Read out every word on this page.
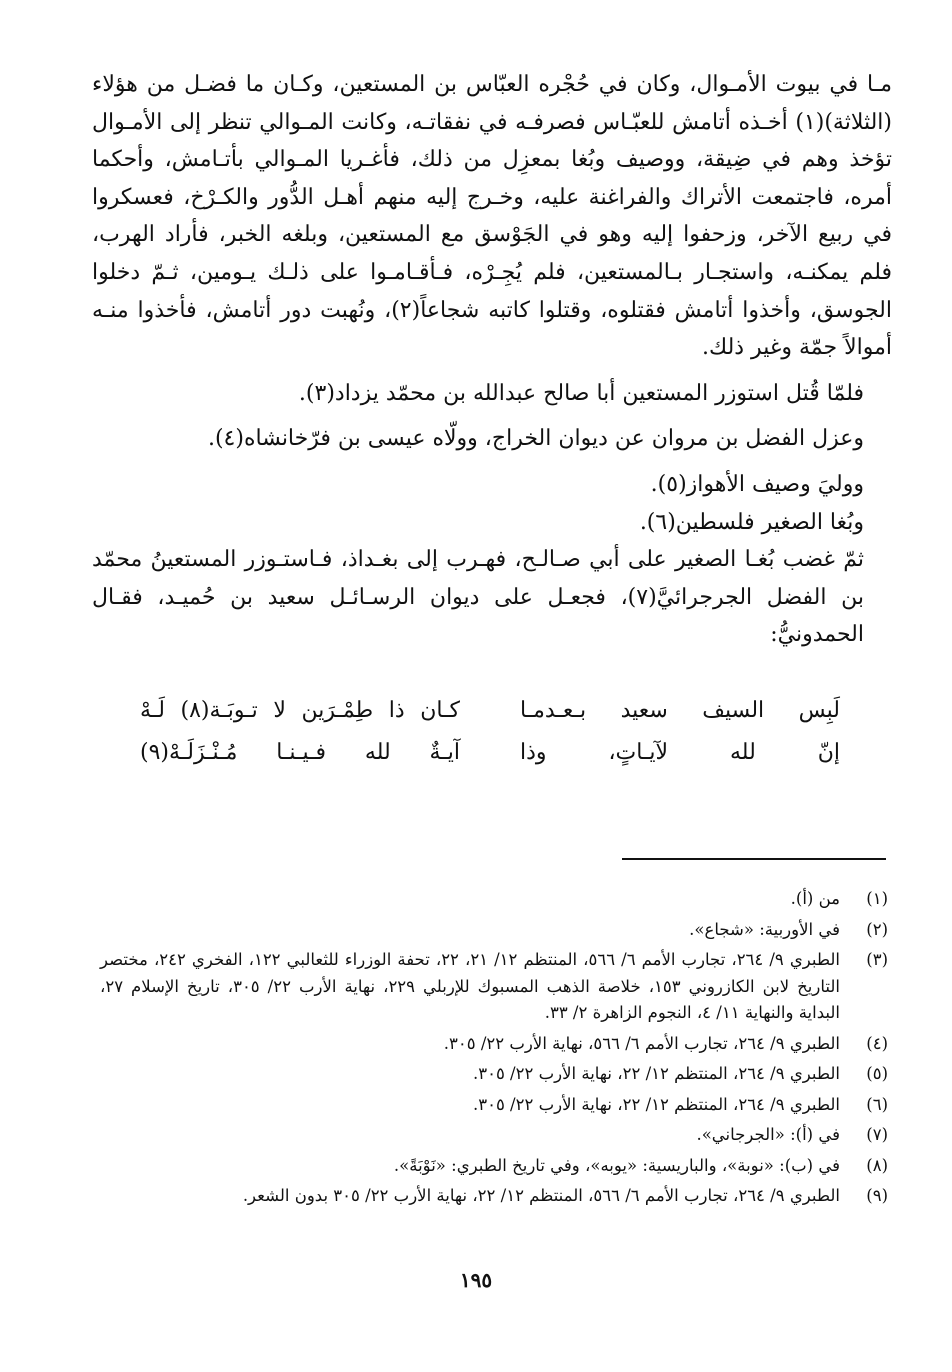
مـا في بيوت الأمـوال، وكان في حُجْره العبّاس بن المستعين، وكـان ما فضـل من هؤلاء (الثلاثة)(١) أخـذه أتامش للعبّـاس فصرفـه في نفقاتـه، وكانت المـوالي تنظر إلى الأمـوال تؤخذ وهم في ضِيقة، ووصيف وبُغا بمعزِل من ذلك، فأغـريا المـوالي بأتـامش، وأحكما أمره، فاجتمعت الأتراك والفراغنة عليه، وخـرج إليه منهم أهـل الدُّور والكـرْخ، فعسكروا في ربيع الآخر، وزحفوا إليه وهو في الجَوْسق مع المستعين، وبلغه الخبر، فأراد الهرب، فلم يمكنـه، واستجـار بـالمستعين، فلم يُجِـرْه، فـأقـامـوا على ذلـك يـومين، ثـمّ دخلوا الجوسق، وأخذوا أتامش فقتلوه، وقتلوا كاتبه شجاعاً(٢)، ونُهبت دور أتامش، فأخذوا منـه أموالاً جمّة وغير ذلك.

فلمّا قُتل استوزر المستعين أبا صالح عبدالله بن محمّد يزداد(٣).

وعزل الفضل بن مروان عن ديوان الخراج، وولّاه عيسى بن فرّخانشاه(٤).

ووليَ وصيف الأهواز(٥).

وبُغا الصغير فلسطين(٦).

ثمّ غضب بُغـا الصغير على أبي صـالـح، فهـرب إلى بغـداذ، فـاستـوزر المستعينُ محمّد بن الفضل الجرجرائيَّ(٧)، فجعـل على ديوان الرسـائـل سعيد بن حُميـد، فقـال الحمدونيُّ:

لَبِس السيف سعيد بـعـدمـا
كـان ذا طِمْـرَين لا تـوبَـة(٨) لَـهْ
إنّ لله لآيـاتٍ، وذا
آيـةٌ لله فـيـنـا مُـنْـزَلَـهْ(٩)
(١)
من (أ).
(٢)
في الأوربية: «شجاع».
(٣)
الطبري ٩/ ٢٦٤، تجارب الأمم ٦/ ٥٦٦، المنتظم ١٢/ ٢١، ٢٢، تحفة الوزراء للثعالبي ١٢٢، الفخري ٢٤٢، مختصر التاريخ لابن الكازروني ١٥٣، خلاصة الذهب المسبوك للإربلي ٢٢٩، نهاية الأرب ٢٢/ ٣٠٥، تاريخ الإسلام ٢٧، البداية والنهاية ١١/ ٤، النجوم الزاهرة ٢/ ٣٣.
(٤)
الطبري ٩/ ٢٦٤، تجارب الأمم ٦/ ٥٦٦، نهاية الأرب ٢٢/ ٣٠٥.
(٥)
الطبري ٩/ ٢٦٤، المنتظم ١٢/ ٢٢، نهاية الأرب ٢٢/ ٣٠٥.
(٦)
الطبري ٩/ ٢٦٤، المنتظم ١٢/ ٢٢، نهاية الأرب ٢٢/ ٣٠٥.
(٧)
في (أ): «الجرجاني».
(٨)
في (ب): «نوبة»، والباريسية: «يوبه»، وفي تاريخ الطبري: «نَوْبَةً».
(٩)
الطبري ٩/ ٢٦٤، تجارب الأمم ٦/ ٥٦٦، المنتظم ١٢/ ٢٢، نهاية الأرب ٢٢/ ٣٠٥ بدون الشعر.
١٩٥
